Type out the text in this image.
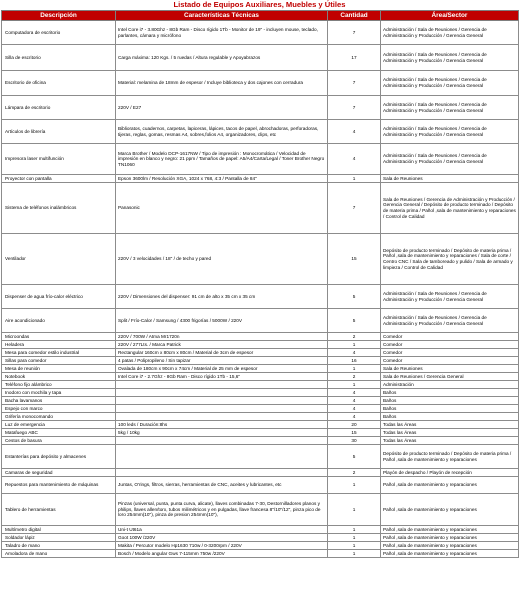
Listado de Equipos Auxiliares, Muebles y Útiles
Descripción	Características Técnicas	Cantidad	Área/Sector
Computadora de escritorio	Intel Core i7 - 3.80Ghz - 8Gb Ram - Disco rígido 1Tb - Monitor de 19" - incluyen mouse, teclado, parlantes, cámara y micrófono	7	Administración / Sala de Reuniones / Gerencia de Administración y Producción / Gerencia General
Silla de escritorio	Carga máxima: 120 Kgs. / 5 ruedas / Altura regulable y Apoyabrazos	17	Administración / Sala de Reuniones / Gerencia de Administración y Producción / Gerencia General
Escritorio de oficina	Material: melamina de 18mm de espesor / Incluye biblioteca y dos cajones con cerradura	7	Administración / Sala de Reuniones / Gerencia de Administración y Producción / Gerencia General
Lámpara de escritorio	220V / E27	7	Administración / Sala de Reuniones / Gerencia de Administración y Producción / Gerencia General
Artículos de librería	Biblioratos, cuadernos, carpetas, lapiceras, lápices, tacos de papel, abrochadoras, perforadoras, tijeras, reglas, gomas, resmas A4, sobres,folios A4, organizadores, clips, etc	4	Administración / Sala de Reuniones / Gerencia de Administración y Producción / Gerencia General
Impresora laser multifunción	Marca Brother / Modelo DCP-1617NW / Tipo de impresión : Monocromática / Velocidad de impresión en blanco y negro: 21 ppm / Tamaños de papel: A5/A4/Carta/Legal / Toner Brother Negro TN1060	4	Administración / Sala de Reuniones / Gerencia de Administración y Producción / Gerencia General
Proyector con pantalla	Epson 3600lm / Resolución XGA, 1024 x 768, 4:3 / Pantalla de 84"	1	Sala de Reuniones
Sistema de teléfonos inalámbricos	Panasonic	7	Sala de Reuniones / Gerencia de Administración y Producción / Gerencia General / Depósito de producto terminado / Depósito de materia prima / Pañol ,sala de mantenimiento y reparaciones / Control de Calidad
Ventilador	220V / 3 velocidades / 18" / de techo y pared	15	Depósito de producto terminado / Depósito de materia prima / Pañol ,sala de mantenimiento y reparaciones / Sala de corte / Centro CNC / Sala de tamboreado y pulido / Sala de armado y limpieza / Control de Calidad
Dispenser de agua frío-calor eléctrico	220V / Dimensiones del dispenser: 91 cm de alto x 35 cm x 35 cm	5	Administración / Sala de Reuniones / Gerencia de Administración y Producción / Gerencia General
Aire acondicionado	Split / Frío-Calor / Samsung / 4300 frigorías / 5000W / 220V	5	Administración / Sala de Reuniones / Gerencia de Administración y Producción / Gerencia General
Microondas	220V / 700W / Atma Mr1720n	2	Comedor
Heladera	220V / 277Lts. / Marca Patrick	1	Comedor
Mesa para comedor estilo industrial	Rectangular 160cm x 80cm x 80cm / Material de 3cm de espesor	4	Comedor
Sillas para comedor	4 patas / Polipropileno / Sin tapizar	16	Comedor
Mesa de reunión	Ovalada de 180cm x 90cm x 74cm / Material de 25 mm de espesor	1	Sala de Reuniones
Notebook	Intel Core i7 - 2.7Ghz - 8Gb Ram - Disco rígido 1Tb - 15,6"	2	Sala de Reuniones / Gerencia General
Teléfono fijo alámbrico		1	Administración
Inodoro con mochila y tapa		4	Baños
Bacha lavamanos		4	Baños
Espejo con marco		4	Baños
Grifería monocomando		4	Baños
Luz de emergencia	100 leds / Duración:8hs	20	Todas las Áreas
Matafuego ABC	5kg / 10kg	15	Todas las Áreas
Cestos de basura		30	Todas las Áreas
Estanterías para depósito y almacenes		5	Depósito de producto terminado / Depósito de materia prima / Pañol ,sala de mantenimiento y reparaciones
Camaras de seguridad		2	Playón de despacho / Playón de recepción
Repuestos para mantenimiento de máquinas	Juntas, O'rings, filtros, sierras, herramientas de CNC, aceites y lubricantes, etc	1	Pañol ,sala de mantenimiento y reparaciones
Tablero de herramientas	Pinzas (universal, punta, punta curva, alicate), llaves combinadas 7-30, Destornilladores planos y philips, llaves allen/torx, tubos milimétricos y en pulgadas, llave francesa 8"/10"/12", pinza pico de loro 254mm(10"), pinza de presion 254mm(10"),	1	Pañol ,sala de mantenimiento y reparaciones
Multímetro digital	Uni-t Ut61a	1	Pañol ,sala de mantenimiento y reparaciones
Soldador lápiz	Goot 100W /220V	1	Pañol ,sala de mantenimiento y reparaciones
Taladro de mano	Makita / Percutor modelo Hp1630 710w / 0-3200rpm / 220V	1	Pañol ,sala de mantenimiento y reparaciones
Amoladora de mano	Bosch / Modelo angular Gws 7-115mm 750w /220V	1	Pañol ,sala de mantenimiento y reparaciones
